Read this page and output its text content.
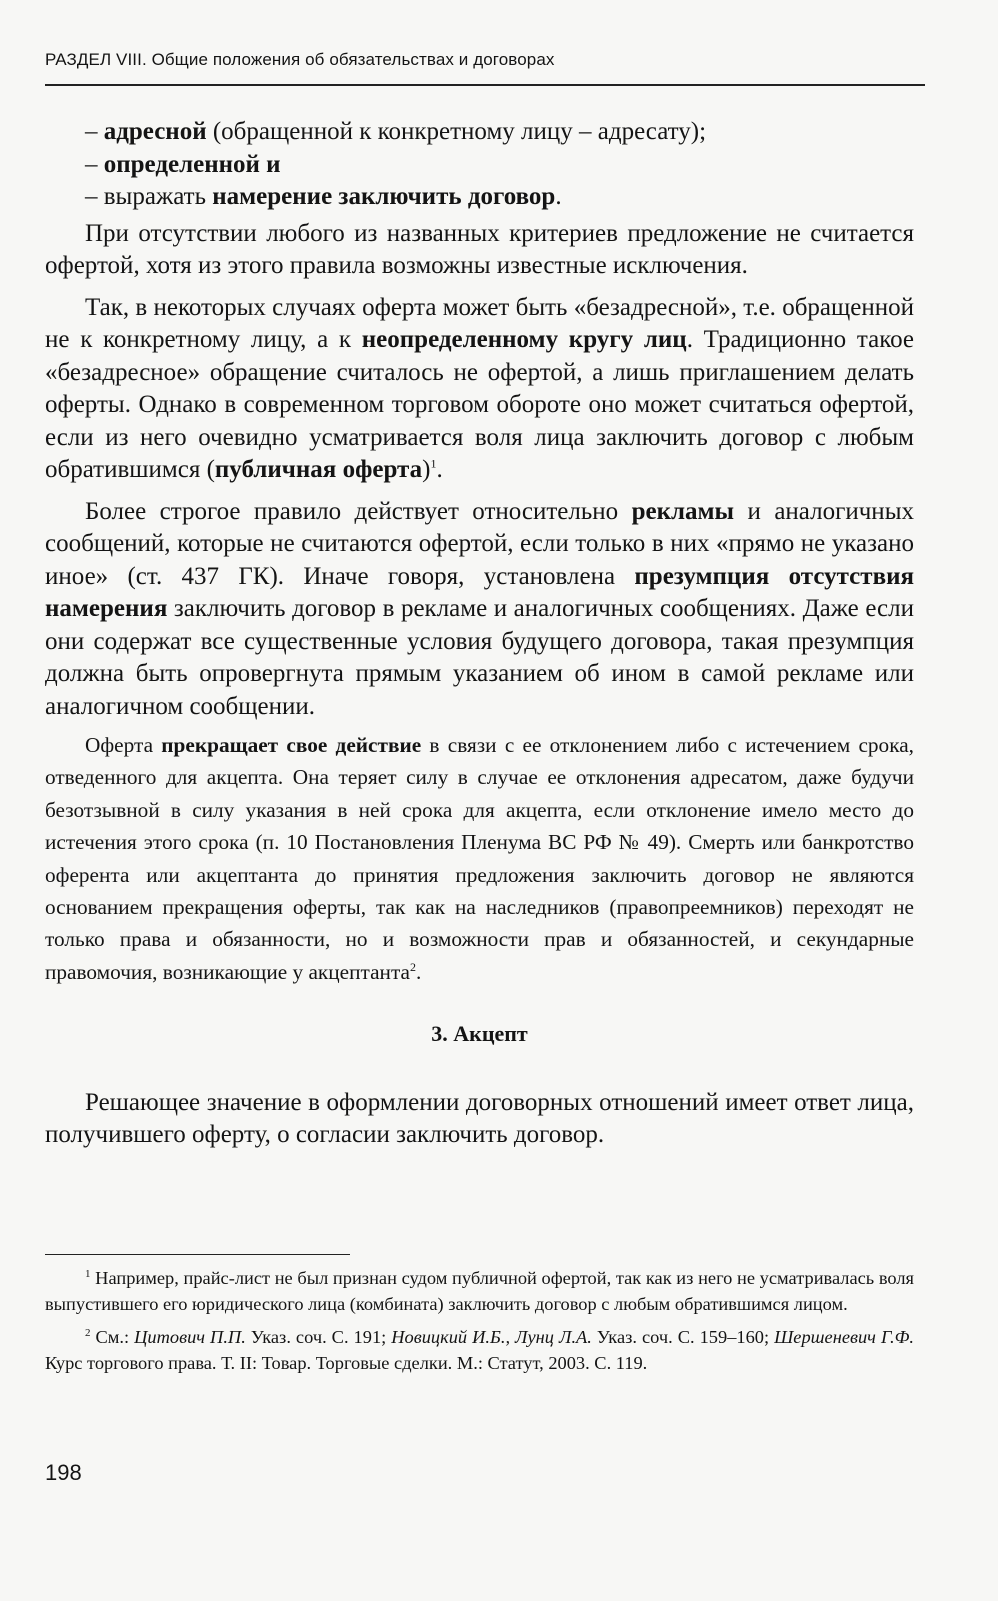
РАЗДЕЛ VIII. Общие положения об обязательствах и договорах

– адресной (обращенной к конкретному лицу – адресату);

– определенной и

– выражать намерение заключить договор.

При отсутствии любого из названных критериев предложение не считается офертой, хотя из этого правила возможны известные исключения.

Так, в некоторых случаях оферта может быть «безадресной», т.е. обращенной не к конкретному лицу, а к неопределенному кругу лиц. Традиционно такое «безадресное» обращение считалось не офертой, а лишь приглашением делать оферты. Однако в современном торговом обороте оно может считаться офертой, если из него очевидно усматривается воля лица заключить договор с любым обратившимся (публичная оферта)$^1$.

Более строгое правило действует относительно рекламы и аналогичных сообщений, которые не считаются офертой, если только в них «прямо не указано иное» (ст. 437 ГК). Иначе говоря, установлена презумпция отсутствия намерения заключить договор в рекламе и аналогичных сообщениях. Даже если они содержат все существенные условия будущего договора, такая презумпция должна быть опровергнута прямым указанием об ином в самой рекламе или аналогичном сообщении.

Оферта прекращает свое действие в связи с ее отклонением либо с истечением срока, отведенного для акцепта. Она теряет силу в случае ее отклонения адресатом, даже будучи безотзывной в силу указания в ней срока для акцепта, если отклонение имело место до истечения этого срока (п. 10 Постановления Пленума ВС РФ № 49). Смерть или банкротство оферента или акцептанта до принятия предложения заключить договор не являются основанием прекращения оферты, так как на наследников (правопреемников) переходят не только права и обязанности, но и возможности прав и обязанностей, и секундарные правомочия, возникающие у акцептанта$^2$.

3. Акцепт

Решающее значение в оформлении договорных отношений имеет ответ лица, получившего оферту, о согласии заключить договор.

$^1$ Например, прайс-лист не был признан судом публичной офертой, так как из него не усматривалась воля выпустившего его юридического лица (комбината) заключить договор с любым обратившимся лицом.

$^2$ См.: Цитович П.П. Указ. соч. С. 191; Новицкий И.Б., Лунц Л.А. Указ. соч. С. 159–160; Шершеневич Г.Ф. Курс торгового права. Т. II: Товар. Торговые сделки. М.: Статут, 2003. С. 119.

198
